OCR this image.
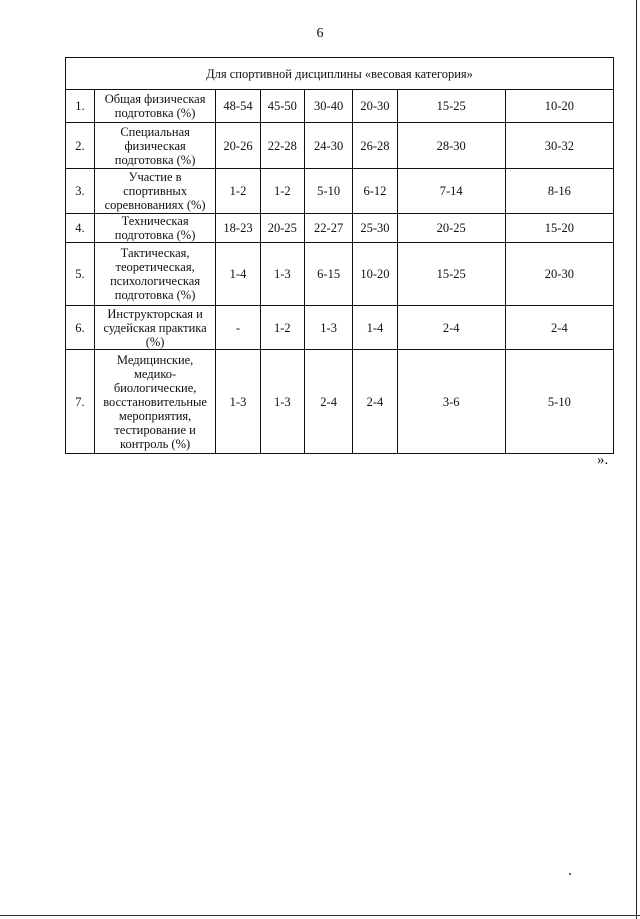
6
Для спортивной дисциплины «весовая категория»							
1.	Общая физическая подготовка (%)	48-54	45-50	30-40	20-30	15-25	10-20
2.	Специальная физическая подготовка (%)	20-26	22-28	24-30	26-28	28-30	30-32
3.	Участие в спортивных соревнованиях (%)	1-2	1-2	5-10	6-12	7-14	8-16
4.	Техническая подготовка (%)	18-23	20-25	22-27	25-30	20-25	15-20
5.	Тактическая, теоретическая, психологическая подготовка (%)	1-4	1-3	6-15	10-20	15-25	20-30
6.	Инструкторская и судейская практика (%)	-	1-2	1-3	1-4	2-4	2-4
7.	Медицинские, медико-биологические, восстановительные мероприятия, тестирование и контроль (%)	1-3	1-3	2-4	2-4	3-6	5-10
».
